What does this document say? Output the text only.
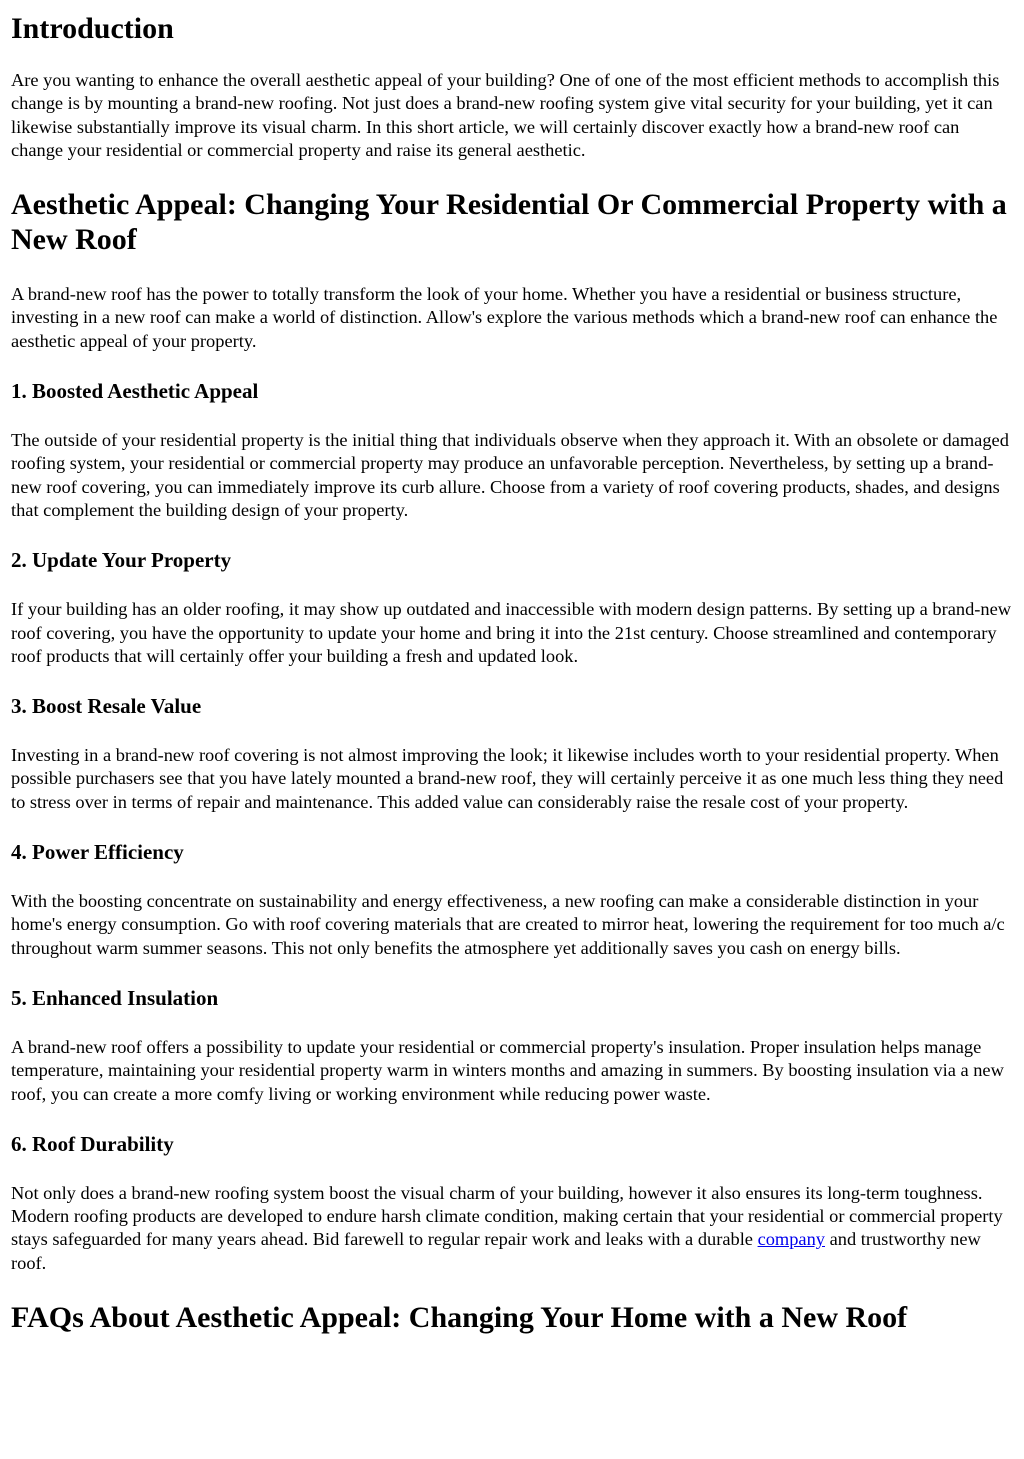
Introduction

Are you wanting to enhance the overall aesthetic appeal of your building? One of one of the most efficient methods to accomplish this change is by mounting a brand-new roofing. Not just does a brand-new roofing system give vital security for your building, yet it can likewise substantially improve its visual charm. In this short article, we will certainly discover exactly how a brand-new roof can change your residential or commercial property and raise its general aesthetic.

Aesthetic Appeal: Changing Your Residential Or Commercial Property with a New Roof

A brand-new roof has the power to totally transform the look of your home. Whether you have a residential or business structure, investing in a new roof can make a world of distinction. Allow's explore the various methods which a brand-new roof can enhance the aesthetic appeal of your property.

1. Boosted Aesthetic Appeal

The outside of your residential property is the initial thing that individuals observe when they approach it. With an obsolete or damaged roofing system, your residential or commercial property may produce an unfavorable perception. Nevertheless, by setting up a brand-new roof covering, you can immediately improve its curb allure. Choose from a variety of roof covering products, shades, and designs that complement the building design of your property.

2. Update Your Property

If your building has an older roofing, it may show up outdated and inaccessible with modern design patterns. By setting up a brand-new roof covering, you have the opportunity to update your home and bring it into the 21st century. Choose streamlined and contemporary roof products that will certainly offer your building a fresh and updated look.

3. Boost Resale Value

Investing in a brand-new roof covering is not almost improving the look; it likewise includes worth to your residential property. When possible purchasers see that you have lately mounted a brand-new roof, they will certainly perceive it as one much less thing they need to stress over in terms of repair and maintenance. This added value can considerably raise the resale cost of your property.

4. Power Efficiency

With the boosting concentrate on sustainability and energy effectiveness, a new roofing can make a considerable distinction in your home's energy consumption. Go with roof covering materials that are created to mirror heat, lowering the requirement for too much a/c throughout warm summer seasons. This not only benefits the atmosphere yet additionally saves you cash on energy bills.

5. Enhanced Insulation

A brand-new roof offers a possibility to update your residential or commercial property's insulation. Proper insulation helps manage temperature, maintaining your residential property warm in winters months and amazing in summers. By boosting insulation via a new roof, you can create a more comfy living or working environment while reducing power waste.

6. Roof Durability

Not only does a brand-new roofing system boost the visual charm of your building, however it also ensures its long-term toughness. Modern roofing products are developed to endure harsh climate condition, making certain that your residential or commercial property stays safeguarded for many years ahead. Bid farewell to regular repair work and leaks with a durable company and trustworthy new roof.

FAQs About Aesthetic Appeal: Changing Your Home with a New Roof
